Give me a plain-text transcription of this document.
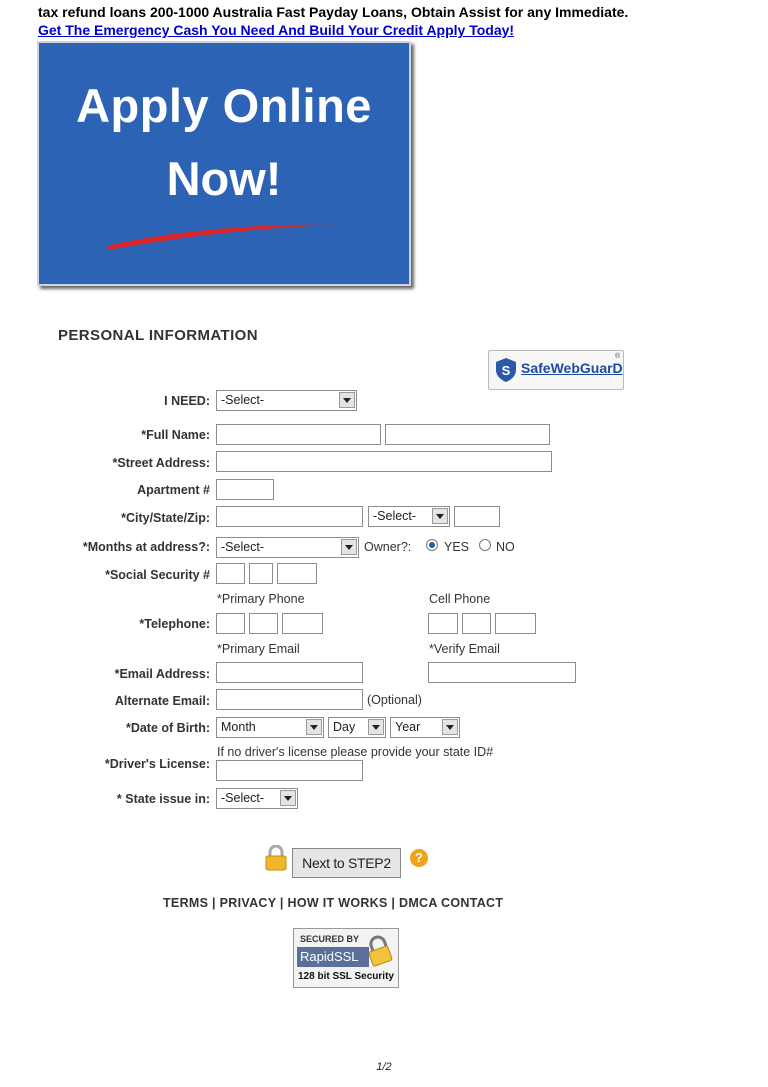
tax refund loans 200-1000 Australia Fast Payday Loans, Obtain Assist for any Immediate.
Get The Emergency Cash You Need And Build Your Credit Apply Today!
Apply Online
Now!
PERSONAL INFORMATION
S SafeWebGuarD
®
I NEED: -Select-
*Full Name:
*Street Address:
Apartment #
*City/State/Zip:	-Select-
*Months at address?: -Select-	Owner?:	YES NO
*Social Security #
*Primary Phone	Cell Phone
*Telephone:
*Primary Email	*Verify Email
*Email Address:
Alternate Email:	(Optional)
*Date of Birth: Month	Day	Year
If no driver's license please provide your state ID#
*Driver's License:
* State issue in: -Select-
Next to STEP2	?
TERMS | PRIVACY | HOW IT WORKS | DMCA CONTACT
SECURED BY
RapidSSL
128 bit SSL Security
1/2
